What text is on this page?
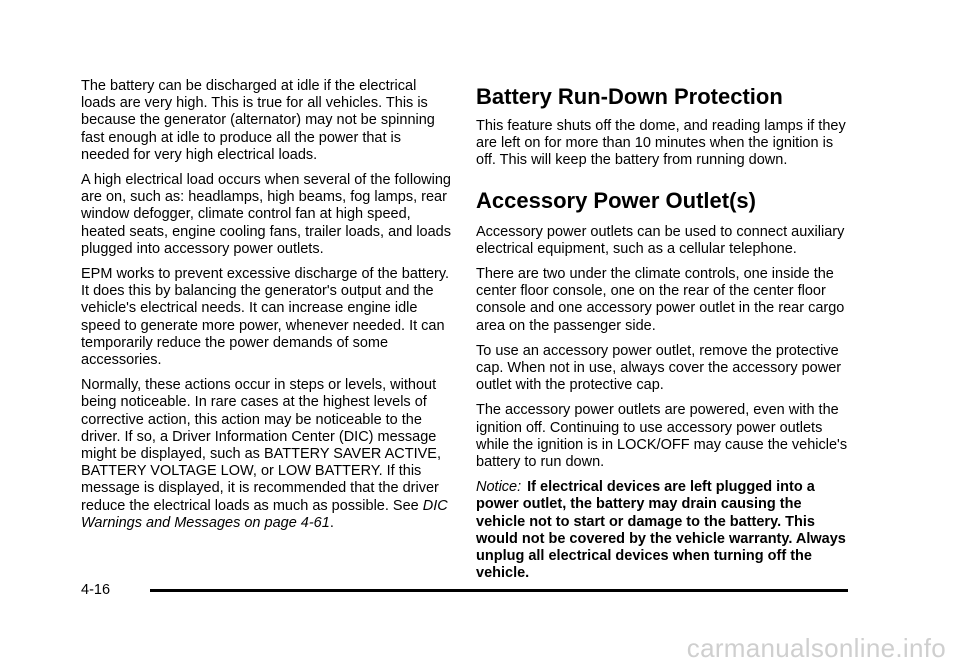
The battery can be discharged at idle if the electrical loads are very high. This is true for all vehicles. This is because the generator (alternator) may not be spinning fast enough at idle to produce all the power that is needed for very high electrical loads.

A high electrical load occurs when several of the following are on, such as: headlamps, high beams, fog lamps, rear window defogger, climate control fan at high speed, heated seats, engine cooling fans, trailer loads, and loads plugged into accessory power outlets.

EPM works to prevent excessive discharge of the battery. It does this by balancing the generator's output and the vehicle's electrical needs. It can increase engine idle speed to generate more power, whenever needed. It can temporarily reduce the power demands of some accessories.

Normally, these actions occur in steps or levels, without being noticeable. In rare cases at the highest levels of corrective action, this action may be noticeable to the driver. If so, a Driver Information Center (DIC) message might be displayed, such as BATTERY SAVER ACTIVE, BATTERY VOLTAGE LOW, or LOW BATTERY. If this message is displayed, it is recommended that the driver reduce the electrical loads as much as possible. See DIC Warnings and Messages on page 4-61.

Battery Run-Down Protection

This feature shuts off the dome, and reading lamps if they are left on for more than 10 minutes when the ignition is off. This will keep the battery from running down.

Accessory Power Outlet(s)

Accessory power outlets can be used to connect auxiliary electrical equipment, such as a cellular telephone.

There are two under the climate controls, one inside the center floor console, one on the rear of the center floor console and one accessory power outlet in the rear cargo area on the passenger side.

To use an accessory power outlet, remove the protective cap. When not in use, always cover the accessory power outlet with the protective cap.

The accessory power outlets are powered, even with the ignition off. Continuing to use accessory power outlets while the ignition is in LOCK/OFF may cause the vehicle's battery to run down.

Notice: If electrical devices are left plugged into a power outlet, the battery may drain causing the vehicle not to start or damage to the battery. This would not be covered by the vehicle warranty. Always unplug all electrical devices when turning off the vehicle.

4-16
carmanualsonline.info
